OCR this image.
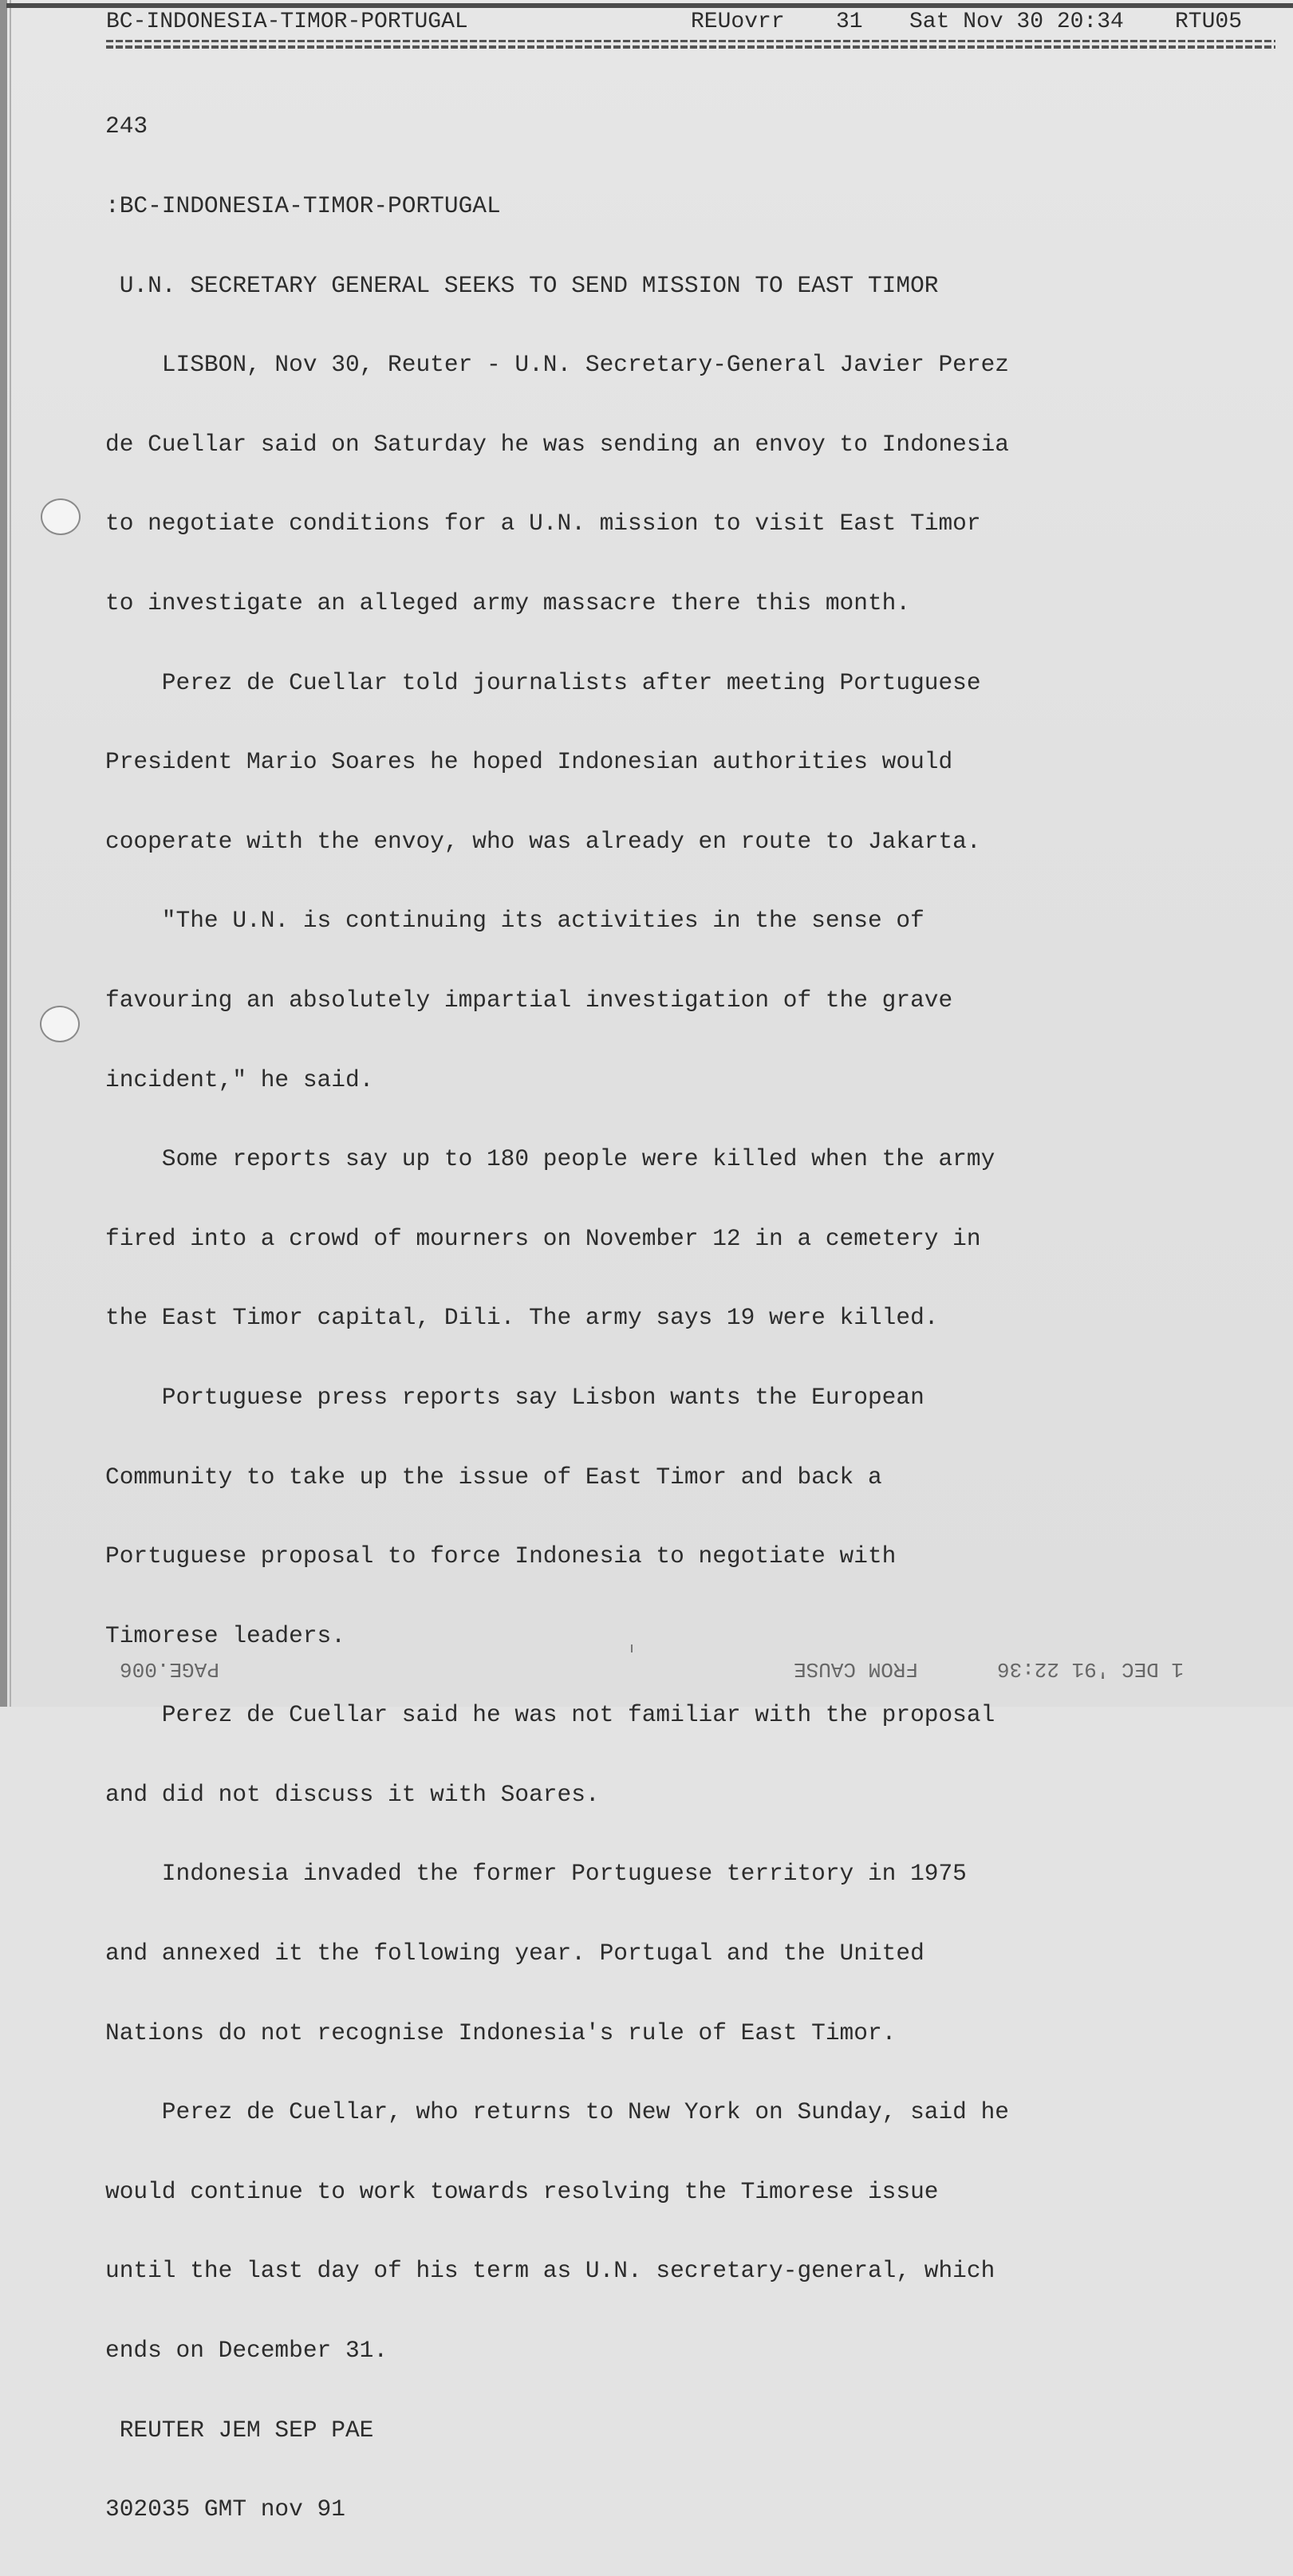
BC-INDONESIA-TIMOR-PORTUGAL	REUovrr 31 Sat Nov 30 20:34 RTU05

243

:BC-INDONESIA-TIMOR-PORTUGAL

U.N. SECRETARY GENERAL SEEKS TO SEND MISSION TO EAST TIMOR

LISBON, Nov 30, Reuter - U.N. Secretary-General Javier Perez

de Cuellar said on Saturday he was sending an envoy to Indonesia

to negotiate conditions for a U.N. mission to visit East Timor

to investigate an alleged army massacre there this month.

Perez de Cuellar told journalists after meeting Portuguese

President Mario Soares he hoped Indonesian authorities would

cooperate with the envoy, who was already en route to Jakarta.

"The U.N. is continuing its activities in the sense of

favouring an absolutely impartial investigation of the grave

incident," he said.

Some reports say up to 180 people were killed when the army

fired into a crowd of mourners on November 12 in a cemetery in

the East Timor capital, Dili. The army says 19 were killed.

Portuguese press reports say Lisbon wants the European

Community to take up the issue of East Timor and back a

Portuguese proposal to force Indonesia to negotiate with

Timorese leaders.

Perez de Cuellar said he was not familiar with the proposal

and did not discuss it with Soares.

Indonesia invaded the former Portuguese territory in 1975

and annexed it the following year. Portugal and the United

Nations do not recognise Indonesia's rule of East Timor.

Perez de Cuellar, who returns to New York on Sunday, said he

would continue to work towards resolving the Timorese issue

until the last day of his term as U.N. secretary-general, which

ends on December 31.

REUTER JEM SEP PAE

302035 GMT nov 91

PAGE.006	FROM CAUSE	1 DEC '91 22:36
